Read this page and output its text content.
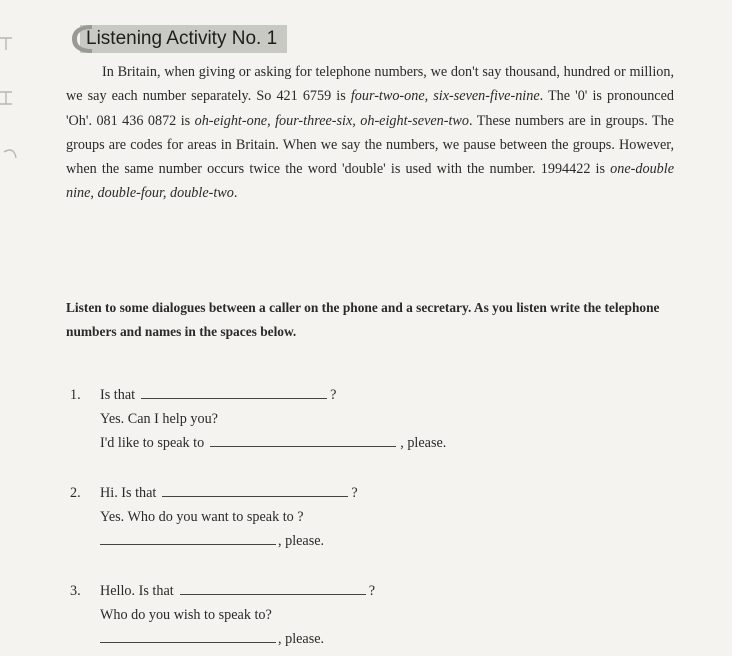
Listening Activity No. 1

In Britain, when giving or asking for telephone numbers, we don't say thousand, hundred or million, we say each number separately. So 421 6759 is four-two-one, six-seven-five-nine. The '0' is pronounced 'Oh'. 081 436 0872 is oh-eight-one, four-three-six, oh-eight-seven-two. These numbers are in groups. The groups are codes for areas in Britain. When we say the numbers, we pause between the groups. However, when the same number occurs twice the word 'double' is used with the number. 1994422 is one-double nine, double-four, double-two.

Listen to some dialogues between a caller on the phone and a secretary. As you listen write the telephone numbers and names in the spaces below.

1.	Is that	?
Yes. Can I help you?
I'd like to speak to	, please.
2.	Hi. Is that	?
Yes. Who do you want to speak to ?
, please.
3.	Hello. Is that	?
Who do you wish to speak to?
, please.
